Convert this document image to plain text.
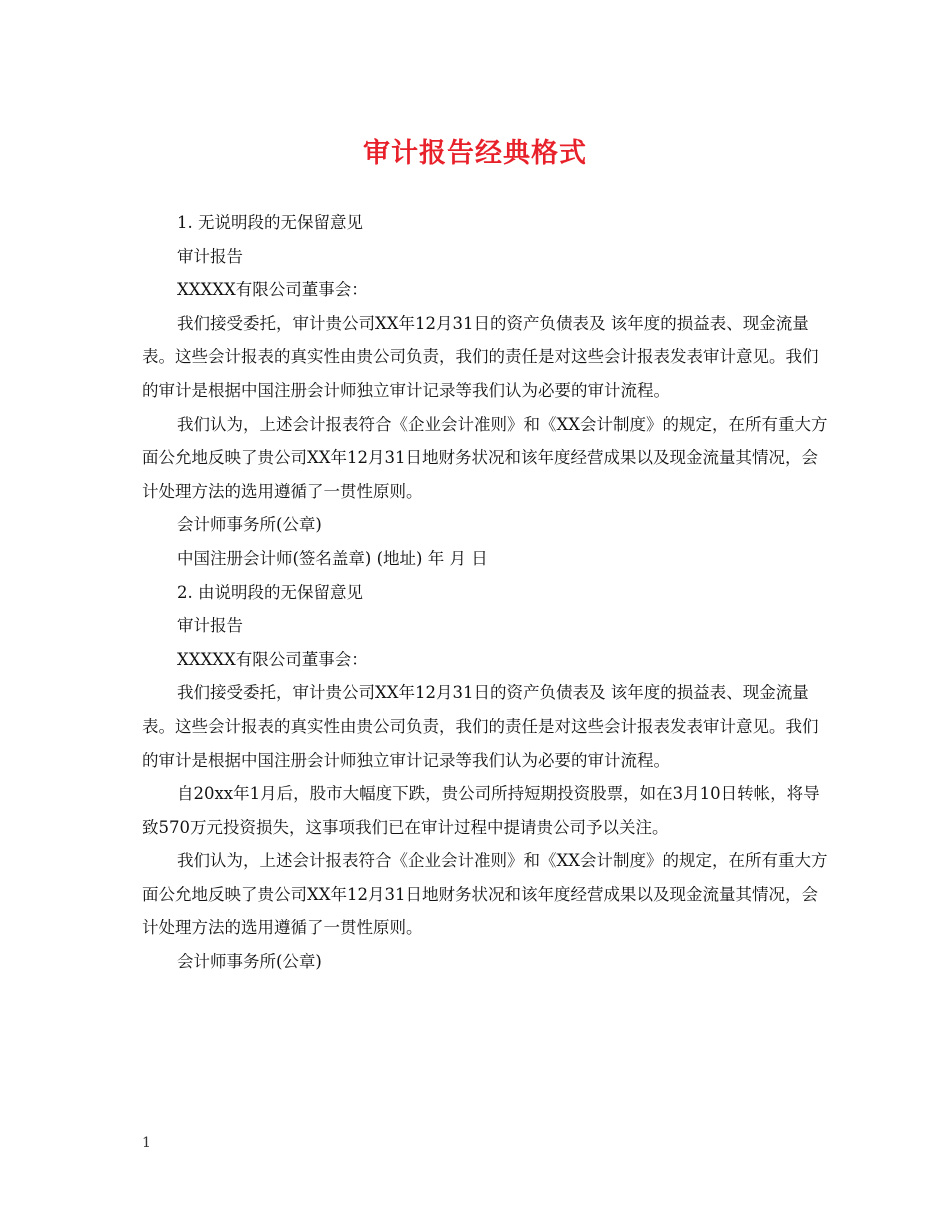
审计报告经典格式

1. 无说明段的无保留意见

审计报告

XXXXX有限公司董事会：

我们接受委托，审计贵公司XX年12月31日的资产负债表及 该年度的损益表、现金流量表。这些会计报表的真实性由贵公司负责，我们的责任是对这些会计报表发表审计意见。我们的审计是根据中国注册会计师独立审计记录等我们认为必要的审计流程。

我们认为，上述会计报表符合《企业会计准则》和《XX会计制度》的规定，在所有重大方面公允地反映了贵公司XX年12月31日地财务状况和该年度经营成果以及现金流量其情况，会计处理方法的选用遵循了一贯性原则。

会计师事务所(公章)

中国注册会计师(签名盖章) (地址) 年 月 日

2. 由说明段的无保留意见

审计报告

XXXXX有限公司董事会：

我们接受委托，审计贵公司XX年12月31日的资产负债表及 该年度的损益表、现金流量表。这些会计报表的真实性由贵公司负责，我们的责任是对这些会计报表发表审计意见。我们的审计是根据中国注册会计师独立审计记录等我们认为必要的审计流程。

自20xx年1月后，股市大幅度下跌，贵公司所持短期投资股票，如在3月10日转帐，将导致570万元投资损失，这事项我们已在审计过程中提请贵公司予以关注。

我们认为，上述会计报表符合《企业会计准则》和《XX会计制度》的规定，在所有重大方面公允地反映了贵公司XX年12月31日地财务状况和该年度经营成果以及现金流量其情况，会计处理方法的选用遵循了一贯性原则。

会计师事务所(公章)

1
